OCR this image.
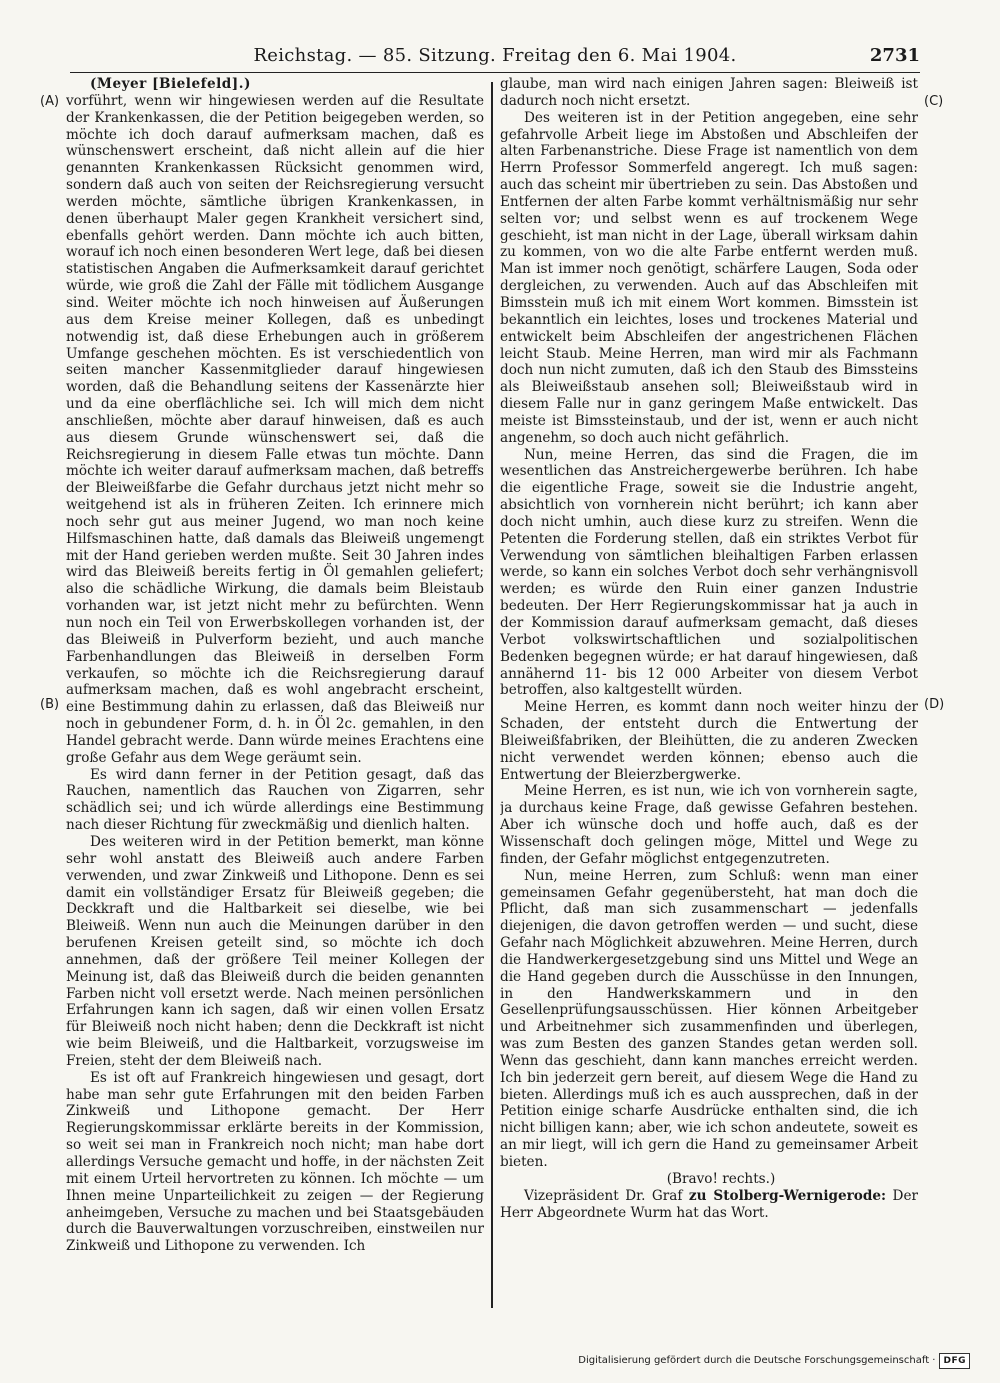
Reichstag. — 85. Sitzung. Freitag den 6. Mai 1904.	2731
(A)
(B)
(C)
(D)

(Meyer [Bielefeld].)

vorführt, wenn wir hingewiesen werden auf die Resultate der Krankenkassen, die der Petition beigegeben werden, so möchte ich doch darauf aufmerksam machen, daß es wünschenswert erscheint, daß nicht allein auf die hier genannten Krankenkassen Rücksicht genommen wird, sondern daß auch von seiten der Reichsregierung versucht werden möchte, sämtliche übrigen Krankenkassen, in denen überhaupt Maler gegen Krankheit versichert sind, ebenfalls gehört werden. Dann möchte ich auch bitten, worauf ich noch einen besonderen Wert lege, daß bei diesen statistischen Angaben die Aufmerksamkeit darauf gerichtet würde, wie groß die Zahl der Fälle mit tödlichem Ausgange sind. Weiter möchte ich noch hinweisen auf Äußerungen aus dem Kreise meiner Kollegen, daß es unbedingt notwendig ist, daß diese Erhebungen auch in größerem Umfange geschehen möchten. Es ist verschiedentlich von seiten mancher Kassenmitglieder darauf hingewiesen worden, daß die Behandlung seitens der Kassenärzte hier und da eine oberflächliche sei. Ich will mich dem nicht anschließen, möchte aber darauf hinweisen, daß es auch aus diesem Grunde wünschenswert sei, daß die Reichsregierung in diesem Falle etwas tun möchte. Dann möchte ich weiter darauf aufmerksam machen, daß betreffs der Bleiweißfarbe die Gefahr durchaus jetzt nicht mehr so weitgehend ist als in früheren Zeiten. Ich erinnere mich noch sehr gut aus meiner Jugend, wo man noch keine Hilfsmaschinen hatte, daß damals das Bleiweiß ungemengt mit der Hand gerieben werden mußte. Seit 30 Jahren indes wird das Bleiweiß bereits fertig in Öl gemahlen geliefert; also die schädliche Wirkung, die damals beim Bleistaub vorhanden war, ist jetzt nicht mehr zu befürchten. Wenn nun noch ein Teil von Erwerbskollegen vorhanden ist, der das Bleiweiß in Pulverform bezieht, und auch manche Farbenhandlungen das Bleiweiß in derselben Form verkaufen, so möchte ich die Reichsregierung darauf aufmerksam machen, daß es wohl angebracht erscheint, eine Bestimmung dahin zu erlassen, daß das Bleiweiß nur noch in gebundener Form, d. h. in Öl 2c. gemahlen, in den Handel gebracht werde. Dann würde meines Erachtens eine große Gefahr aus dem Wege geräumt sein.

Es wird dann ferner in der Petition gesagt, daß das Rauchen, namentlich das Rauchen von Zigarren, sehr schädlich sei; und ich würde allerdings eine Bestimmung nach dieser Richtung für zweckmäßig und dienlich halten.

Des weiteren wird in der Petition bemerkt, man könne sehr wohl anstatt des Bleiweiß auch andere Farben verwenden, und zwar Zinkweiß und Lithopone. Denn es sei damit ein vollständiger Ersatz für Bleiweiß gegeben; die Deckkraft und die Haltbarkeit sei dieselbe, wie bei Bleiweiß. Wenn nun auch die Meinungen darüber in den berufenen Kreisen geteilt sind, so möchte ich doch annehmen, daß der größere Teil meiner Kollegen der Meinung ist, daß das Bleiweiß durch die beiden genannten Farben nicht voll ersetzt werde. Nach meinen persönlichen Erfahrungen kann ich sagen, daß wir einen vollen Ersatz für Bleiweiß noch nicht haben; denn die Deckkraft ist nicht wie beim Bleiweiß, und die Haltbarkeit, vorzugsweise im Freien, steht der dem Bleiweiß nach.

Es ist oft auf Frankreich hingewiesen und gesagt, dort habe man sehr gute Erfahrungen mit den beiden Farben Zinkweiß und Lithopone gemacht. Der Herr Regierungskommissar erklärte bereits in der Kommission, so weit sei man in Frankreich noch nicht; man habe dort allerdings Versuche gemacht und hoffe, in der nächsten Zeit mit einem Urteil hervortreten zu können. Ich möchte — um Ihnen meine Unparteilichkeit zu zeigen — der Regierung anheimgeben, Versuche zu machen und bei Staatsgebäuden durch die Bauverwaltungen vorzuschreiben, einstweilen nur Zinkweiß und Lithopone zu verwenden. Ich

glaube, man wird nach einigen Jahren sagen: Bleiweiß ist dadurch noch nicht ersetzt.

Des weiteren ist in der Petition angegeben, eine sehr gefahrvolle Arbeit liege im Abstoßen und Abschleifen der alten Farbenanstriche. Diese Frage ist namentlich von dem Herrn Professor Sommerfeld angeregt. Ich muß sagen: auch das scheint mir übertrieben zu sein. Das Abstoßen und Entfernen der alten Farbe kommt verhältnismäßig nur sehr selten vor; und selbst wenn es auf trockenem Wege geschieht, ist man nicht in der Lage, überall wirksam dahin zu kommen, von wo die alte Farbe entfernt werden muß. Man ist immer noch genötigt, schärfere Laugen, Soda oder dergleichen, zu verwenden. Auch auf das Abschleifen mit Bimsstein muß ich mit einem Wort kommen. Bimsstein ist bekanntlich ein leichtes, loses und trockenes Material und entwickelt beim Abschleifen der angestrichenen Flächen leicht Staub. Meine Herren, man wird mir als Fachmann doch nun nicht zumuten, daß ich den Staub des Bimssteins als Bleiweißstaub ansehen soll; Bleiweißstaub wird in diesem Falle nur in ganz geringem Maße entwickelt. Das meiste ist Bimssteinstaub, und der ist, wenn er auch nicht angenehm, so doch auch nicht gefährlich.

Nun, meine Herren, das sind die Fragen, die im wesentlichen das Anstreichergewerbe berühren. Ich habe die eigentliche Frage, soweit sie die Industrie angeht, absichtlich von vornherein nicht berührt; ich kann aber doch nicht umhin, auch diese kurz zu streifen. Wenn die Petenten die Forderung stellen, daß ein striktes Verbot für Verwendung von sämtlichen bleihaltigen Farben erlassen werde, so kann ein solches Verbot doch sehr verhängnisvoll werden; es würde den Ruin einer ganzen Industrie bedeuten. Der Herr Regierungskommissar hat ja auch in der Kommission darauf aufmerksam gemacht, daß dieses Verbot volkswirtschaftlichen und sozialpolitischen Bedenken begegnen würde; er hat darauf hingewiesen, daß annähernd 11- bis 12 000 Arbeiter von diesem Verbot betroffen, also kaltgestellt würden.

Meine Herren, es kommt dann noch weiter hinzu der Schaden, der entsteht durch die Entwertung der Bleiweißfabriken, der Bleihütten, die zu anderen Zwecken nicht verwendet werden können; ebenso auch die Entwertung der Bleierzbergwerke.

Meine Herren, es ist nun, wie ich von vornherein sagte, ja durchaus keine Frage, daß gewisse Gefahren bestehen. Aber ich wünsche doch und hoffe auch, daß es der Wissenschaft doch gelingen möge, Mittel und Wege zu finden, der Gefahr möglichst entgegenzutreten.

Nun, meine Herren, zum Schluß: wenn man einer gemeinsamen Gefahr gegenübersteht, hat man doch die Pflicht, daß man sich zusammenschart — jedenfalls diejenigen, die davon getroffen werden — und sucht, diese Gefahr nach Möglichkeit abzuwehren. Meine Herren, durch die Handwerkergesetzgebung sind uns Mittel und Wege an die Hand gegeben durch die Ausschüsse in den Innungen, in den Handwerkskammern und in den Gesellenprüfungsausschüssen. Hier können Arbeitgeber und Arbeitnehmer sich zusammenfinden und überlegen, was zum Besten des ganzen Standes getan werden soll. Wenn das geschieht, dann kann manches erreicht werden. Ich bin jederzeit gern bereit, auf diesem Wege die Hand zu bieten. Allerdings muß ich es auch aussprechen, daß in der Petition einige scharfe Ausdrücke enthalten sind, die ich nicht billigen kann; aber, wie ich schon andeutete, soweit es an mir liegt, will ich gern die Hand zu gemeinsamer Arbeit bieten.

(Bravo! rechts.)

Vizepräsident Dr. Graf zu Stolberg-Wernigerode: Der Herr Abgeordnete Wurm hat das Wort.

Digitalisierung gefördert durch die Deutsche Forschungsgemeinschaft · DFG
